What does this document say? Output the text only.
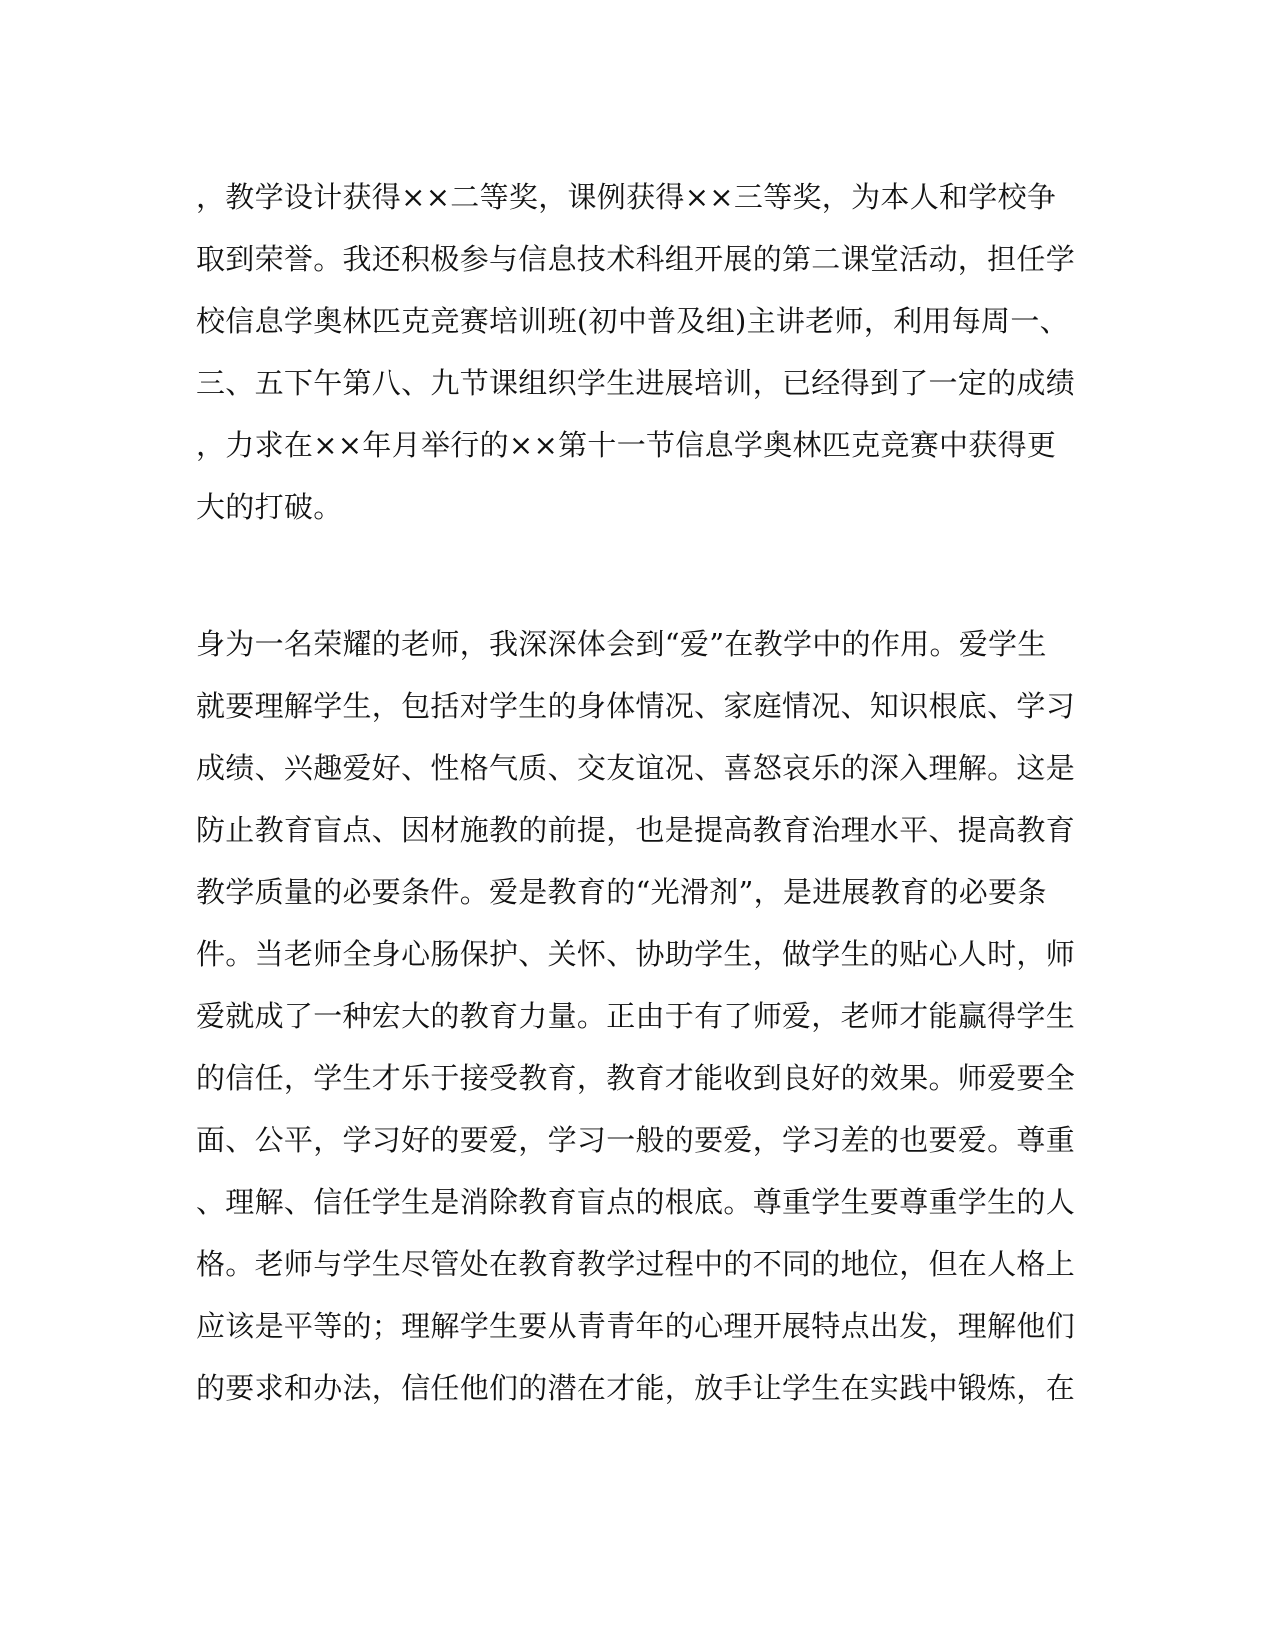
，教学设计获得××二等奖，课例获得××三等奖，为本人和学校争
取到荣誉。我还积极参与信息技术科组开展的第二课堂活动，担任学
校信息学奥林匹克竞赛培训班(初中普及组)主讲老师，利用每周一、
三、五下午第八、九节课组织学生进展培训，已经得到了一定的成绩
，力求在××年月举行的××第十一节信息学奥林匹克竞赛中获得更
大的打破。
身为一名荣耀的老师，我深深体会到“爱”在教学中的作用。爱学生
就要理解学生，包括对学生的身体情况、家庭情况、知识根底、学习
成绩、兴趣爱好、性格气质、交友谊况、喜怒哀乐的深入理解。这是
防止教育盲点、因材施教的前提，也是提高教育治理水平、提高教育
教学质量的必要条件。爱是教育的“光滑剂”，是进展教育的必要条
件。当老师全身心肠保护、关怀、协助学生，做学生的贴心人时，师
爱就成了一种宏大的教育力量。正由于有了师爱，老师才能赢得学生
的信任，学生才乐于接受教育，教育才能收到良好的效果。师爱要全
面、公平，学习好的要爱，学习一般的要爱，学习差的也要爱。尊重
、理解、信任学生是消除教育盲点的根底。尊重学生要尊重学生的人
格。老师与学生尽管处在教育教学过程中的不同的地位，但在人格上
应该是平等的；理解学生要从青青年的心理开展特点出发，理解他们
的要求和办法，信任他们的潜在才能，放手让学生在实践中锻炼，在
